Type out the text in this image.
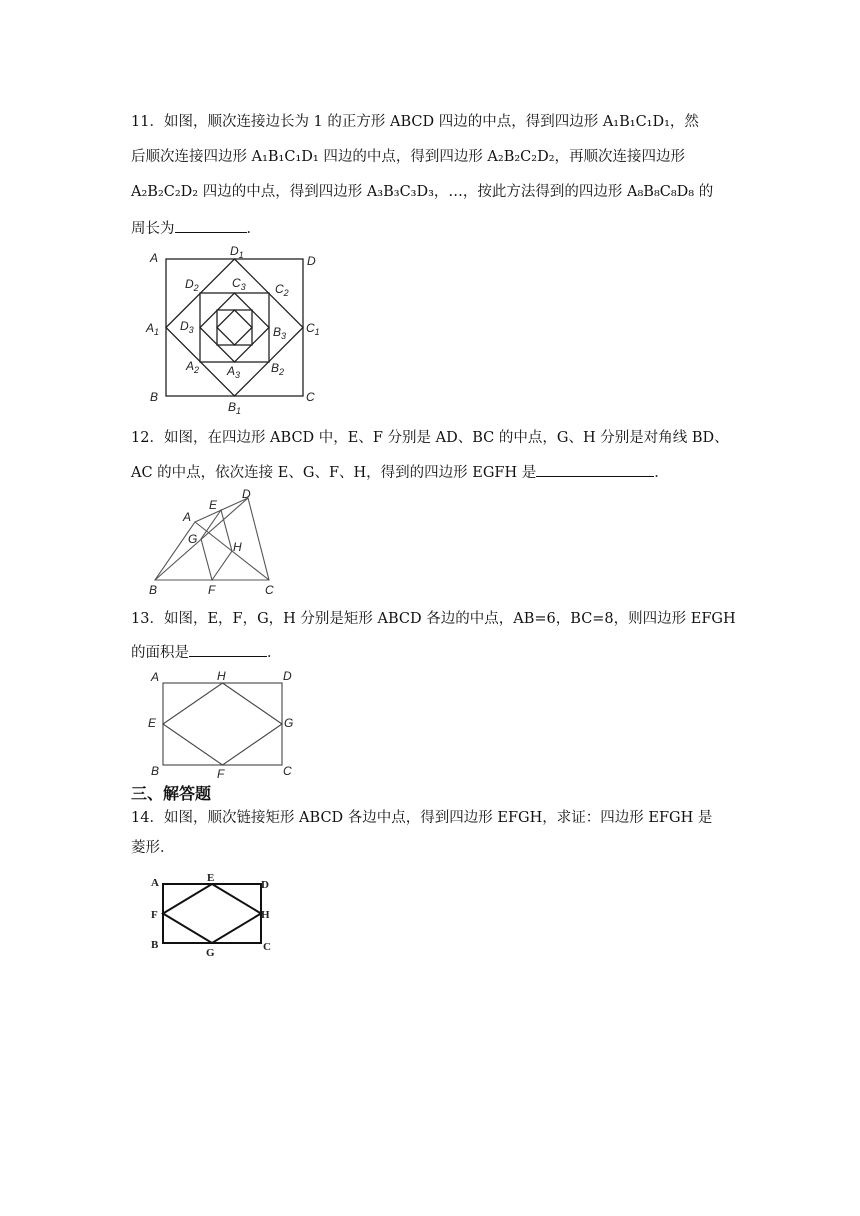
11．如图，顺次连接边长为 1 的正方形 ABCD 四边的中点，得到四边形 A₁B₁C₁D₁，然
后顺次连接四边形 A₁B₁C₁D₁ 四边的中点，得到四边形 A₂B₂C₂D₂，再顺次连接四边形
A₂B₂C₂D₂ 四边的中点，得到四边形 A₃B₃C₃D₃，…，按此方法得到的四边形 A₈B₈C₈D₈ 的
周长为	．
A
B	C
D
$D_1$
$B_1$
$A_1$	$C_1$
$D_2$	$C_2$
$A_2$	$B_2$
$C_3$
$A_3$
$D_3$	$B_3$
12．如图，在四边形 ABCD 中，E、F 分别是 AD、BC 的中点，G、H 分别是对角线 BD、
AC 的中点，依次连接 E、G、F、H，得到的四边形 EGFH 是	．
A
B	C
D
E
F
G
H
13．如图，E，F，G，H 分别是矩形 ABCD 各边的中点，AB=6，BC=8，则四边形 EFGH
的面积是	．
A
B	C
D
E
F
G
H
三、解答题
14．如图，顺次链接矩形 ABCD 各边中点，得到四边形 EFGH，求证：四边形 EFGH 是
菱形．
A
B	C
D
E
F
G
H
